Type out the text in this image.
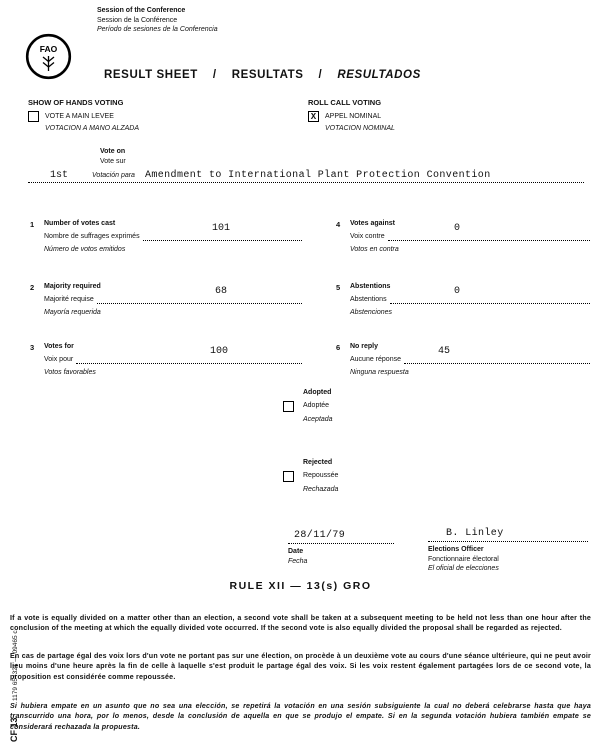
Session of the Conference
Session de la Conférence
Período de sesiones de la Conferencia
FAO
RESULT SHEET / RESULTATS / RESULTADOS
SHOW OF HANDS VOTING
VOTE A MAIN LEVEE
VOTACION A MANO ALZADA
ROLL CALL VOTING
X	APPEL NOMINAL
VOTACION NOMINAL
Vote on
Vote sur
1st	Votación para Amendment to International Plant Protection Convention
1 Number of votes cast
Nombre de suffrages exprimés
Número de votos emitidos
101
2 Majority required
Majorité requise
Mayoría requerida
68
3 Votes for
Voix pour
Votos favorables
100
4 Votes against
Voix contre
Votos en contra
0
5 Abstentions
Abstentions
Abstenciones
0
6 No reply
Aucune réponse
Ninguna respuesta
45
Adopted
Adoptée
Aceptada
Rejected
Repoussée
Rechazada
28/11/79
Date
Fecha
B. Linley
Elections Officer
Fonctionnaire électoral
El oficial de elecciones
RULE XII — 13(s) GRO
If a vote is equally divided on a matter other than an election, a second vote shall be taken at a subsequent meeting to be held not less than one hour after the conclusion of the meeting at which the equally divided vote occurred. If the second vote is also equally divided the proposal shall be regarded as rejected.
En cas de partage égal des voix lors d'un vote ne portant pas sur une élection, on procède à un deuxième vote au cours d'une séance ultérieure, qui ne peut avoir lieu moins d'une heure après la fin de celle à laquelle s'est produit le partage égal des voix. Si les voix restent également partagées lors de ce second vote, la proposition est considérée comme repoussée.
Si hubiera empate en un asunto que no sea una elección, se repetirá la votación en una sesión subsiguiente la cual no deberá celebrarse hasta que haya transcurrido una hora, por lo menos, desde la conclusión de aquella en que se produjo el empate. Si en la segunda votación hubiera también empate se considerará rechazada la propuesta.
CF 13 1179 654321 — 09465 c
